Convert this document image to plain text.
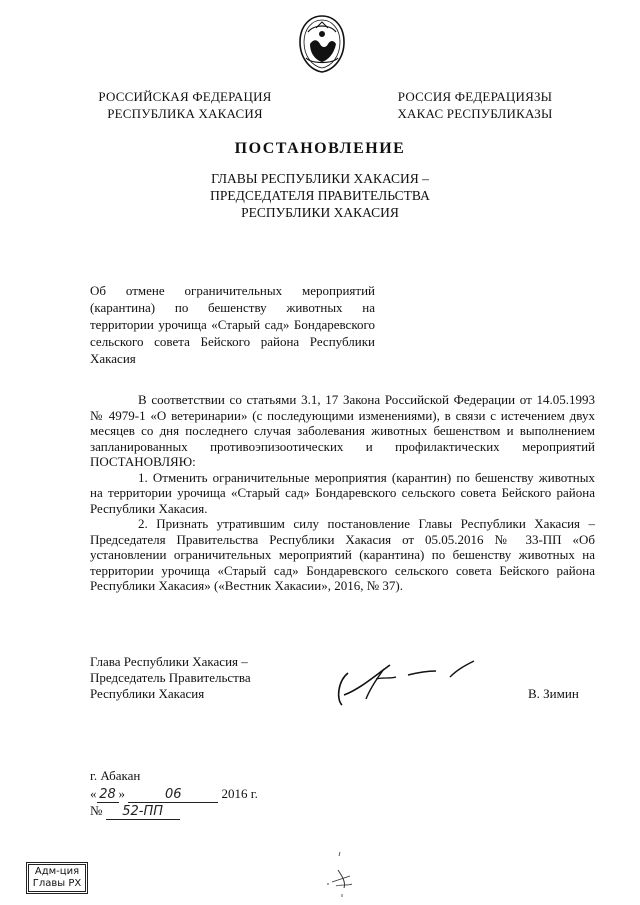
РОССИЙСКАЯ ФЕДЕРАЦИЯ
РЕСПУБЛИКА ХАКАСИЯ
РОССИЯ ФЕДЕРАЦИЯЗЫ
ХАКАС РЕСПУБЛИКАЗЫ
ПОСТАНОВЛЕНИЕ
ГЛАВЫ РЕСПУБЛИКИ ХАКАСИЯ –
ПРЕДСЕДАТЕЛЯ ПРАВИТЕЛЬСТВА
РЕСПУБЛИКИ ХАКАСИЯ
Об отмене ограничительных мероприятий (карантина) по бешенству животных на территории урочища «Старый сад» Бондаревского сельского совета Бейского района Республики Хакасия

В соответствии со статьями 3.1, 17 Закона Российской Федерации от 14.05.1993 № 4979-1 «О ветеринарии» (с последующими изменениями), в связи с истечением двух месяцев со дня последнего случая заболевания животных бешенством и выполнением запланированных противоэпизоотических и профилактических мероприятий ПОСТАНОВЛЯЮ:

1. Отменить ограничительные мероприятия (карантин) по бешенству животных на территории урочища «Старый сад» Бондаревского сельского совета Бейского района Республики Хакасия.

2. Признать утратившим силу постановление Главы Республики Хакасия – Председателя Правительства Республики Хакасия от 05.05.2016 № 33-ПП «Об установлении ограничительных мероприятий (карантина) по бешенству животных на территории урочища «Старый сад» Бондаревского сельского совета Бейского района Республики Хакасия» («Вестник Хакасии», 2016, № 37).

Глава Республики Хакасия –
Председатель Правительства
Республики Хакасия	В. Зимин
г. Абакан
« 28 »	06	2016 г.
№ 52-ПП
Адм-ция
Главы РХ
